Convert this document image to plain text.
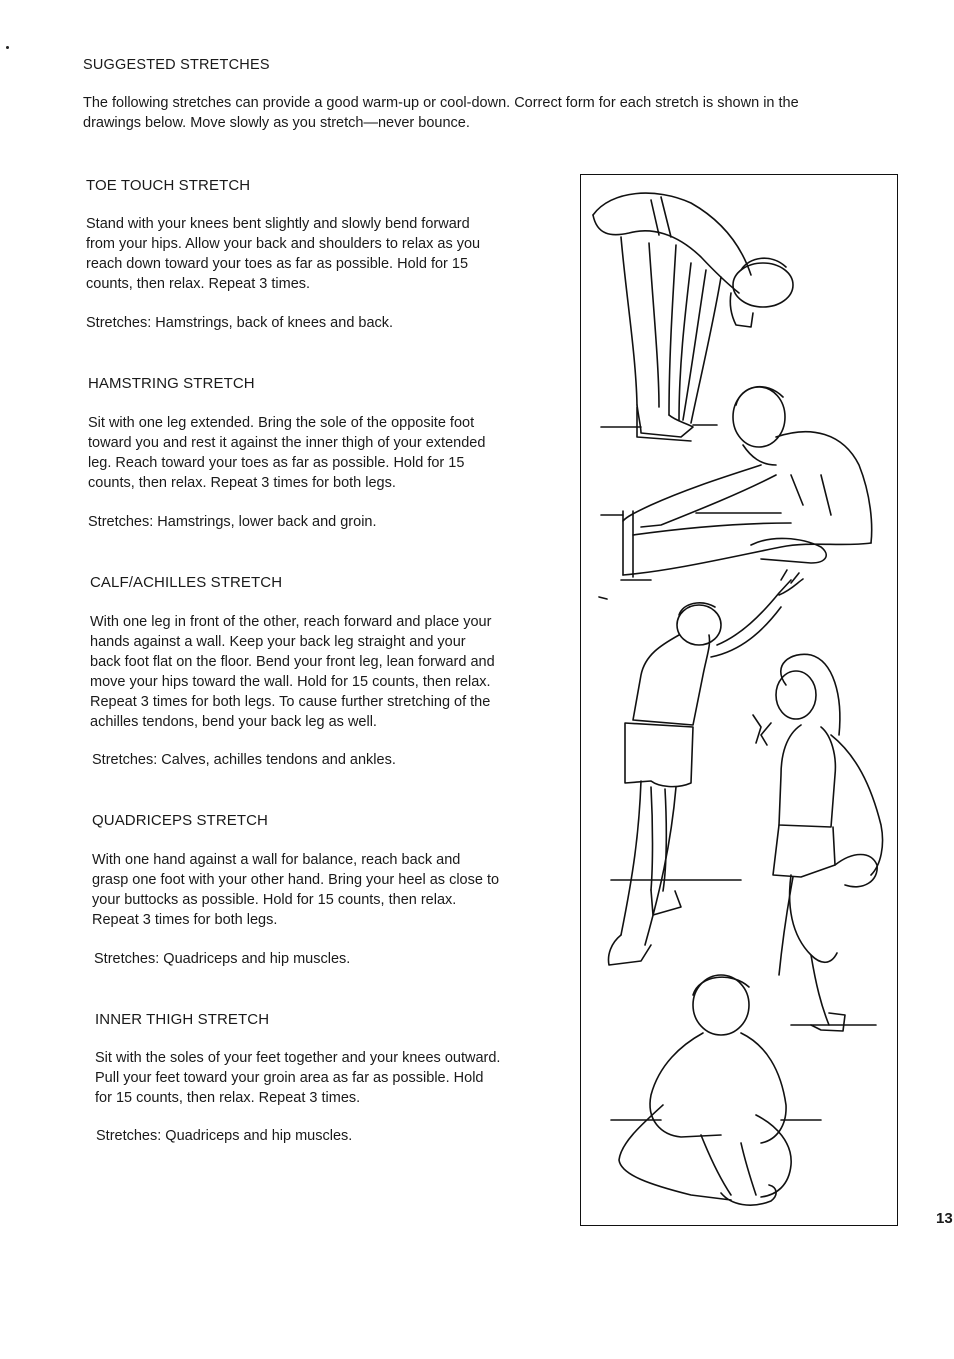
SUGGESTED STRETCHES
The following stretches can provide a good warm-up or cool-down. Correct form for each stretch is shown in the
drawings below. Move slowly as you stretch—never bounce.
TOE TOUCH STRETCH
Stand with your knees bent slightly and slowly bend forward
from your hips. Allow your back and shoulders to relax as you
reach down toward your toes as far as possible. Hold for 15
counts, then relax. Repeat 3 times.
Stretches: Hamstrings, back of knees and back.
HAMSTRING STRETCH
Sit with one leg extended. Bring the sole of the opposite foot
toward you and rest it against the inner thigh of your extended
leg. Reach toward your toes as far as possible. Hold for 15
counts, then relax. Repeat 3 times for both legs.
Stretches: Hamstrings, lower back and groin.
CALF/ACHILLES STRETCH
With one leg in front of the other, reach forward and place your
hands against a wall. Keep your back leg straight and your
back foot flat on the floor. Bend your front leg, lean forward and
move your hips toward the wall. Hold for 15 counts, then relax.
Repeat 3 times for both legs. To cause further stretching of the
achilles tendons, bend your back leg as well.
Stretches: Calves, achilles tendons and ankles.
QUADRICEPS STRETCH
With one hand against a wall for balance, reach back and
grasp one foot with your other hand. Bring your heel as close to
your buttocks as possible. Hold for 15 counts, then relax.
Repeat 3 times for both legs.
Stretches: Quadriceps and hip muscles.
INNER THIGH STRETCH
Sit with the soles of your feet together and your knees outward.
Pull your feet toward your groin area as far as possible. Hold
for 15 counts, then relax. Repeat 3 times.
Stretches: Quadriceps and hip muscles.
13
